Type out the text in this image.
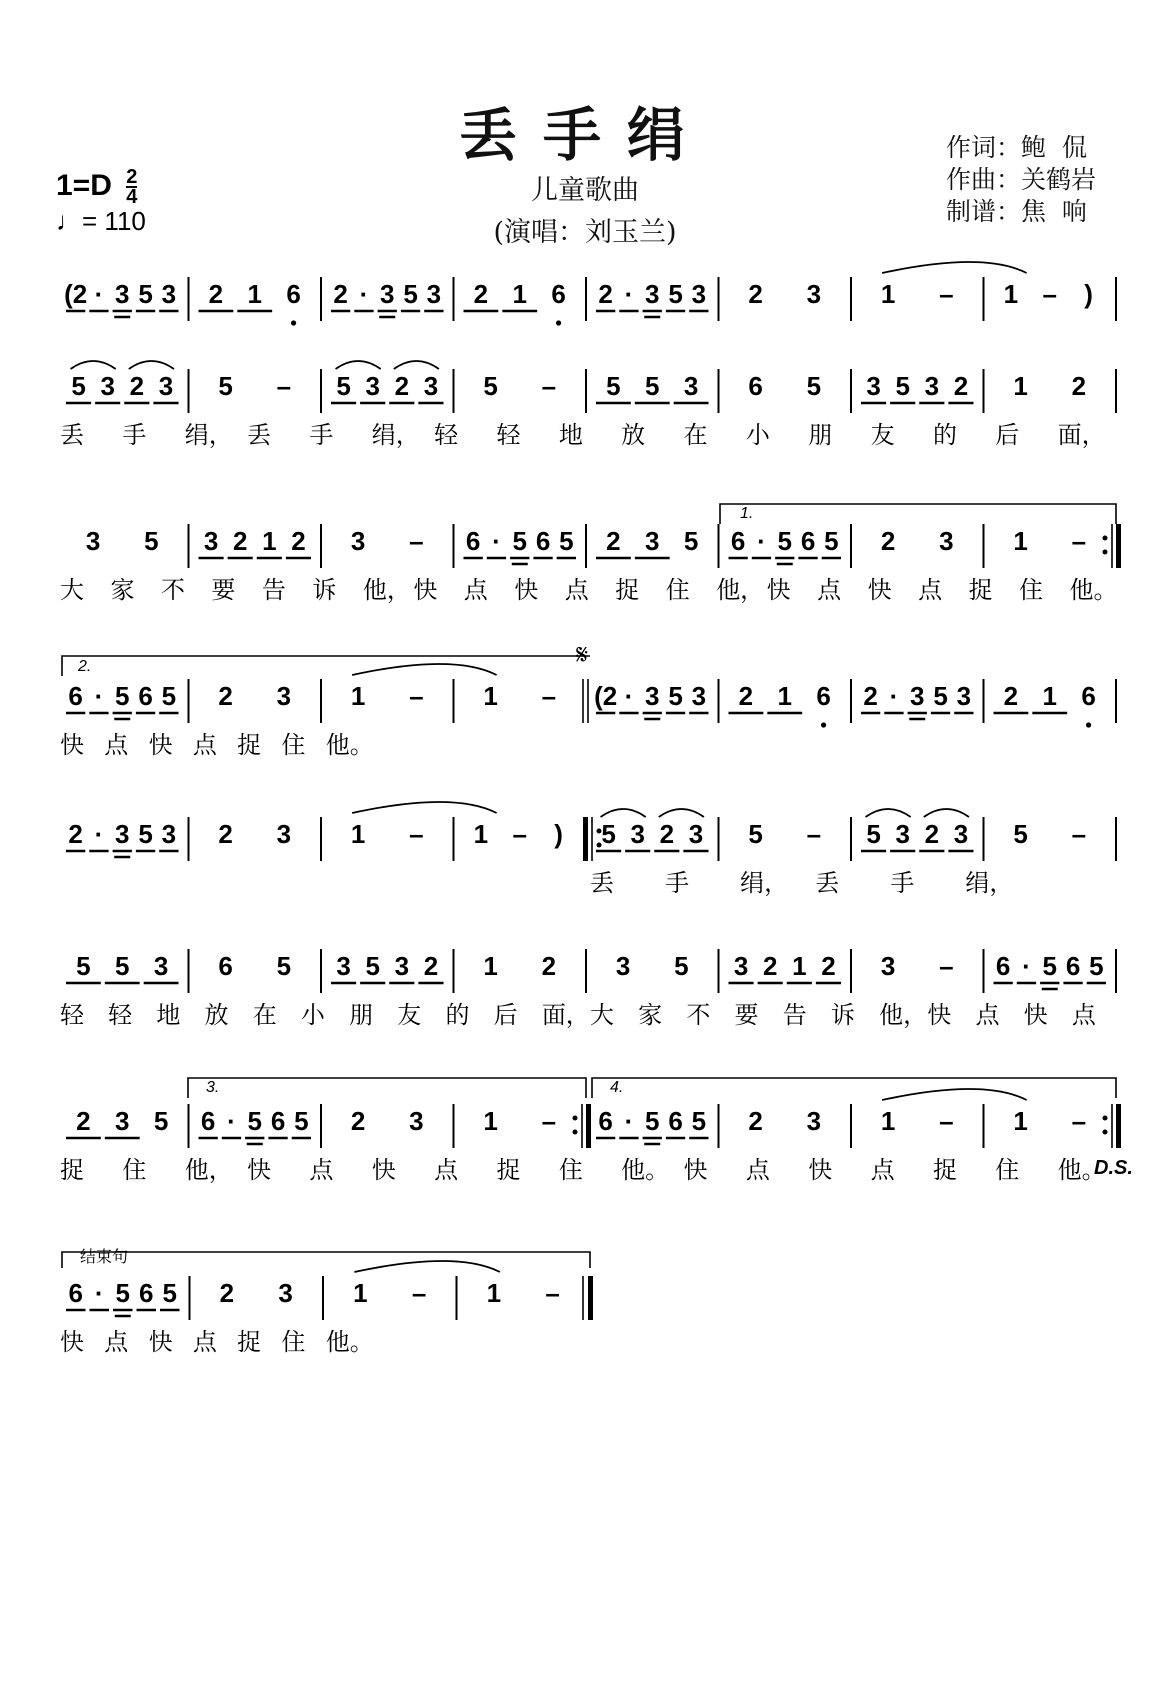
丢手绢
儿童歌曲
(演唱：刘玉兰)
作词：鲍  侃
作曲：关鹤岩
制谱：焦  响
$1=D \frac{2}{4}$
♩= 110
1.
2.
3.	4.
结束句
𝄋
D.S.
(2 · 3 5 3 2 1 6 2 · 3 5 3 2 1 6 2 · 3 5 3 2 3 1 – 1 – )
5 3 2 3 5 – 5 3 2 3 5 – 5 5 3 6 5 3 5 3 2 1 2
丢 手 绢， 丢 手 绢， 轻 轻 地 放 在 小 朋 友 的 后 面，
3 5 3 2 1 2 3 – 6 · 5 6 5 2 3 5 6 · 5 6 5 2 3 1 –
大 家 不 要 告 诉 他， 快 点 快 点 捉 住 他， 快 点 快 点 捉 住 他。
6 · 5 6 5 2 3 1 – 1 – (2 · 3 5 3 2 1 6 2 · 3 5 3 2 1 6
快 点 快 点 捉 住 他。
2 · 3 5 3 2 3 1 – 1 – ) 5 3 2 3 5 – 5 3 2 3 5 –
丢 手 绢， 丢 手 绢，
5 5 3 6 5 3 5 3 2 1 2 3 5 3 2 1 2 3 – 6 · 5 6 5
轻 轻 地 放 在 小 朋 友 的 后 面， 大 家 不 要 告 诉 他， 快 点 快 点
2 3 5 6 · 5 6 5 2 3 1 – 6 · 5 6 5 2 3 1 – 1 –
捉 住 他， 快 点 快 点 捉 住 他。 快 点 快 点 捉 住 他。
6 · 5 6 5 2 3 1 – 1 –
快 点 快 点 捉 住 他。
